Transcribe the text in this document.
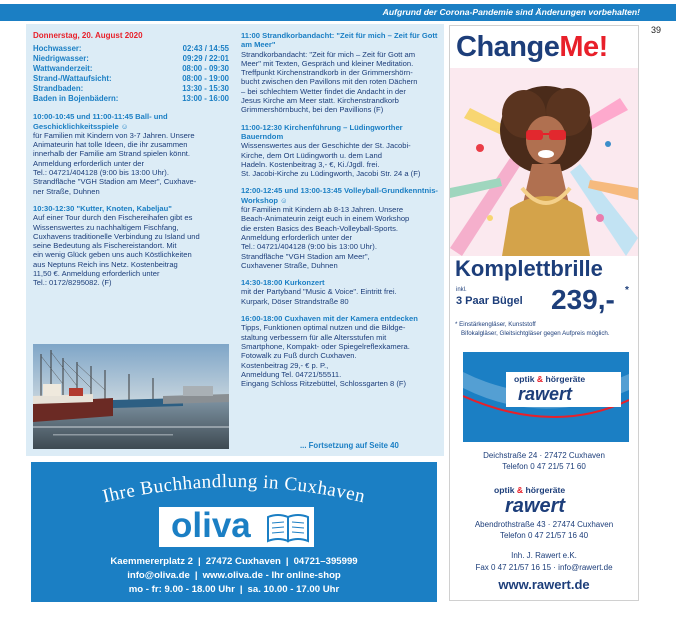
Aufgrund der Corona-Pandemie sind Änderungen vorbehalten!
39
Donnerstag, 20. August 2020
Hochwasser:	02:43 / 14:55
Niedrigwasser:	09:29 / 22:01
Wattwanderzeit:	08:00 - 09:30
Strand-/Wattaufsicht:	08:00 - 19:00
Strandbaden:	13:30 - 15:30
Baden in Bojenbädern:	13:00 - 16:00
10:00-10:45 und 11:00-11:45 Ball- und Geschicklichkeitsspiele ☺

für Familien mit Kindern von 3-7 Jahren. Unsere

Animateurin hat tolle Ideen, die ihr zusammen

innerhalb der Familie am Strand spielen könnt.

Anmeldung erforderlich unter der

Tel.: 04721/404128 (9:00 bis 13:00 Uhr).

Strandfläche "VGH Stadion am Meer", Cuxhave-

ner Straße, Duhnen

10:30-12:30 "Kutter, Knoten, Kabeljau"

Auf einer Tour durch den Fischereihafen gibt es

Wissenswertes zu nachhaltigem Fischfang,

Cuxhavens traditionelle Verbindung zu Island und

seine Bedeutung als Fischereistandort. Mit

ein wenig Glück geben uns auch Köstlichkeiten

aus Neptuns Reich ins Netz. Kostenbeitrag

11,50 €. Anmeldung erforderlich unter

Tel.: 0172/8295082. (F)

11:00 Strandkorbandacht: "Zeit für mich – Zeit für Gott am Meer"

Strandkorbandacht: "Zeit für mich – Zeit für Gott am

Meer" mit Texten, Gespräch und kleiner Meditation.

Treffpunkt Kirchenstrandkorb in der Grimmershörn-

bucht zwischen den Pavillons mit den roten Dächern

– bei schlechtem Wetter findet die Andacht in der

Jesus Kirche am Meer statt. Kirchenstrandkorb

Grimmershörnbucht, bei den Pavillions (F)

11:00-12:30 Kirchenführung – Lüdingworther Bauerndom

Wissenswertes aus der Geschichte der St. Jacobi-

Kirche, dem Ort Lüdingworth u. dem Land

Hadeln. Kostenbeitrag 3,- €, Ki./Jgdl. frei.

St. Jacobi-Kirche zu Lüdingworth, Jacobi Str. 24 a (F)

12:00-12:45 und 13:00-13:45 Volleyball-Grundkenntnis-Workshop ☺

für Familien mit Kindern ab 8-13 Jahren. Unsere

Beach-Animateurin zeigt euch in einem Workshop

die ersten Basics des Beach-Volleyball-Sports.

Anmeldung erforderlich unter der

Tel.: 04721/404128 (9:00 bis 13:00 Uhr).

Strandfläche "VGH Stadion am Meer",

Cuxhavener Straße, Duhnen

14:30-18:00 Kurkonzert

mit der Partyband "Music & Voice". Eintritt frei.

Kurpark, Döser Strandstraße 80

16:00-18:00 Cuxhaven mit der Kamera entdecken

Tipps, Funktionen optimal nutzen und die Bildge-

staltung verbessern für alle Altersstufen mit

Smartphone, Kompakt- oder Spiegelreflexkamera.

Fotowalk zu Fuß durch Cuxhaven.

Kostenbeitrag 29,- € p. P.,

Anmeldung Tel. 04721/55511.

Eingang Schloss Ritzebüttel, Schlossgarten 8 (F)

... Fortsetzung auf Seite 40
Ihre Buchhandlung in Cuxhaven
oliva
Kaemmererplatz 2 | 27472 Cuxhaven | 04721–395999
info@oliva.de | www.oliva.de - Ihr online-shop
mo - fr: 9.00 - 18.00 Uhr | sa. 10.00 - 17.00 Uhr
ChangeMe!
Komplettbrille
inkl.
3 Paar Bügel 239,- *
* Einstärkengläser, Kunststoff
Bifokalgläser, Gleitsichtgläser gegen Aufpreis möglich.
optik & hörgeräte
rawert
Deichstraße 24 · 27472 Cuxhaven
Telefon 0 47 21/5 71 60
optik & hörgeräte
rawert
Abendrothstraße 43 · 27474 Cuxhaven
Telefon 0 47 21/57 16 40
Inh. J. Rawert e.K.
Fax 0 47 21/57 16 15 · info@rawert.de
www.rawert.de
